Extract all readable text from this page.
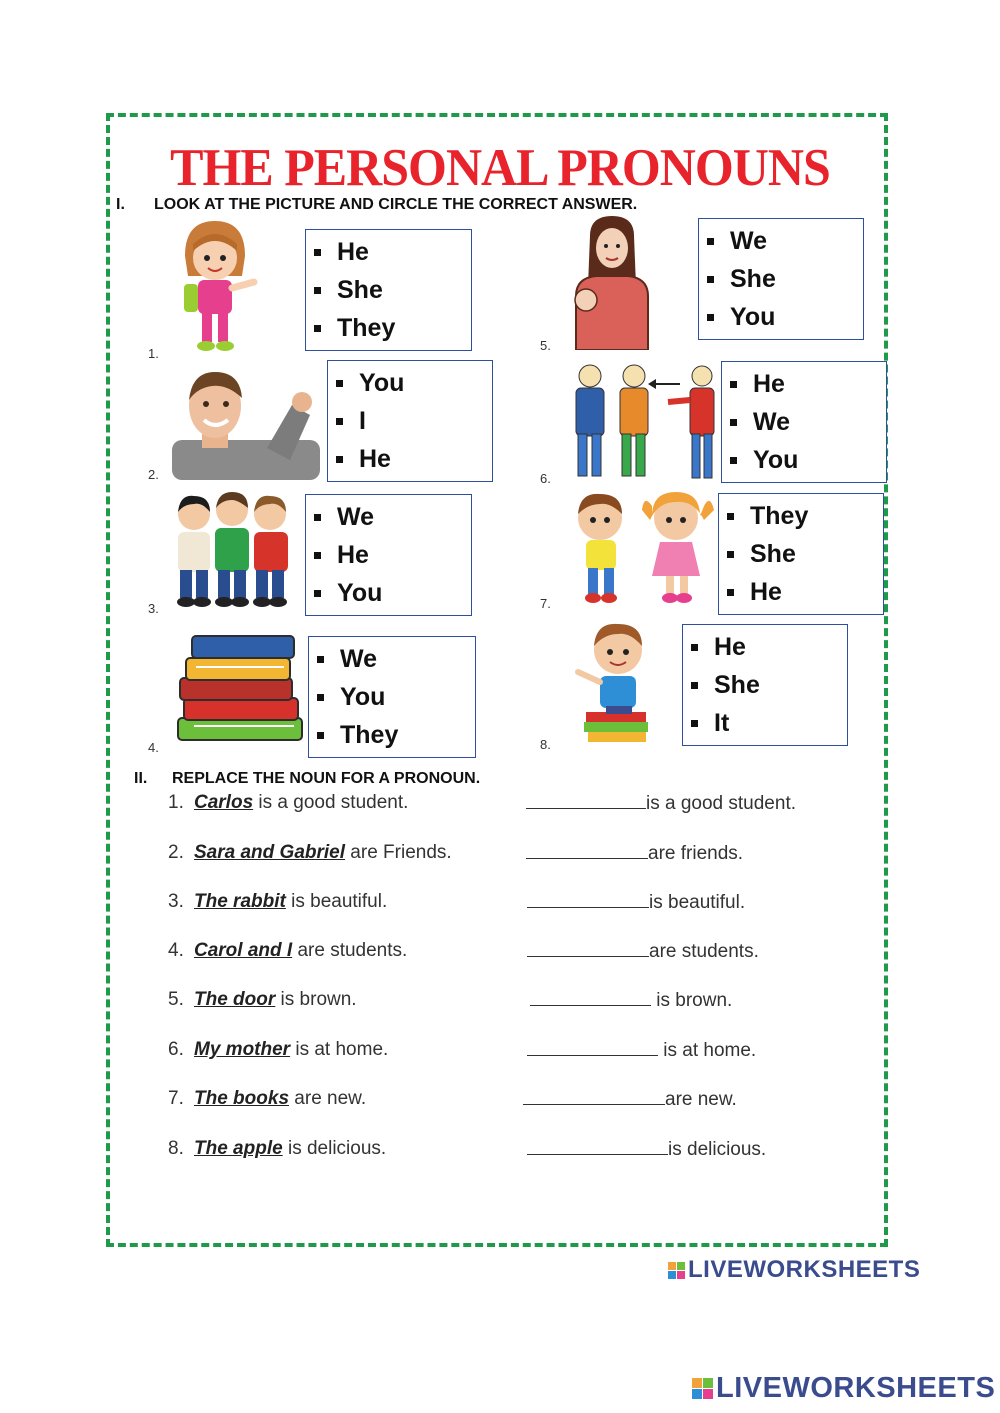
THE PERSONAL PRONOUNS
I. LOOK AT THE PICTURE AND CIRCLE THE CORRECT ANSWER.
1.
2.
3.
4.
5.
6.
7.
8.
He
She
They
You
I
He
We
He
You
We
You
They
We
She
You
He
We
You
They
She
He
He
She
It
II. REPLACE THE NOUN FOR A PRONOUN.
1. Carlos is a good student.
2. Sara and Gabriel are Friends.
3. The rabbit is beautiful.
4. Carol and I are students.
5. The door is brown.
6. My mother is at home.
7. The books are new.
8. The apple is delicious.
is a good student.
are friends.
is beautiful.
are students.
is brown.
is at home.
are new.
is delicious.
LIVEWORKSHEETS
LIVEWORKSHEETS
